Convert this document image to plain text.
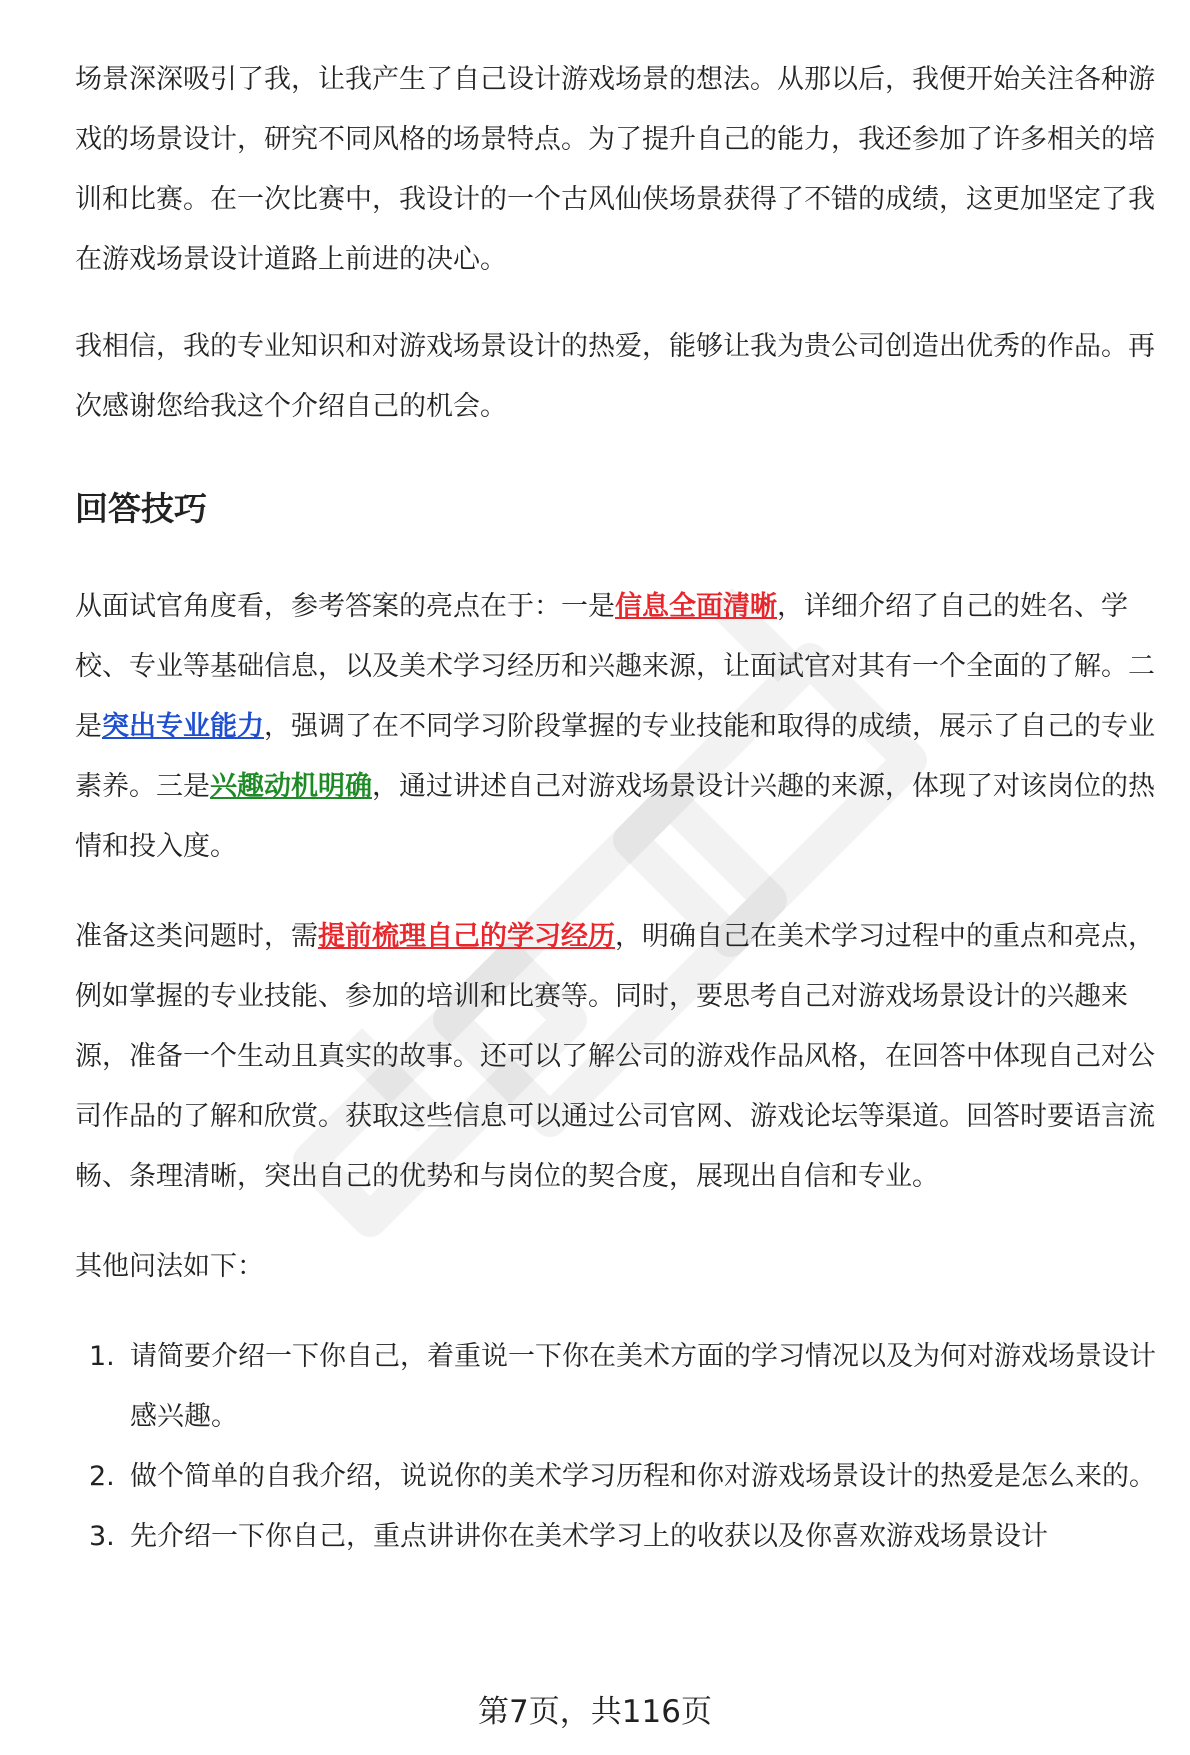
场景深深吸引了我，让我产生了自己设计游戏场景的想法。从那以后，我便开始关注各种游戏的场景设计，研究不同风格的场景特点。为了提升自己的能力，我还参加了许多相关的培训和比赛。在一次比赛中，我设计的一个古风仙侠场景获得了不错的成绩，这更加坚定了我在游戏场景设计道路上前进的决心。

我相信，我的专业知识和对游戏场景设计的热爱，能够让我为贵公司创造出优秀的作品。再次感谢您给我这个介绍自己的机会。

回答技巧

从面试官角度看，参考答案的亮点在于：一是信息全面清晰，详细介绍了自己的姓名、学校、专业等基础信息，以及美术学习经历和兴趣来源，让面试官对其有一个全面的了解。二是突出专业能力，强调了在不同学习阶段掌握的专业技能和取得的成绩，展示了自己的专业素养。三是兴趣动机明确，通过讲述自己对游戏场景设计兴趣的来源，体现了对该岗位的热情和投入度。

准备这类问题时，需提前梳理自己的学习经历，明确自己在美术学习过程中的重点和亮点，例如掌握的专业技能、参加的培训和比赛等。同时，要思考自己对游戏场景设计的兴趣来源，准备一个生动且真实的故事。还可以了解公司的游戏作品风格，在回答中体现自己对公司作品的了解和欣赏。获取这些信息可以通过公司官网、游戏论坛等渠道。回答时要语言流畅、条理清晰，突出自己的优势和与岗位的契合度，展现出自信和专业。

其他问法如下：

1. 请简要介绍一下你自己，着重说一下你在美术方面的学习情况以及为何对游戏场景设计感兴趣。
2. 做个简单的自我介绍，说说你的美术学习历程和你对游戏场景设计的热爱是怎么来的。
3. 先介绍一下你自己，重点讲讲你在美术学习上的收获以及你喜欢游戏场景设计
第7页，共116页
